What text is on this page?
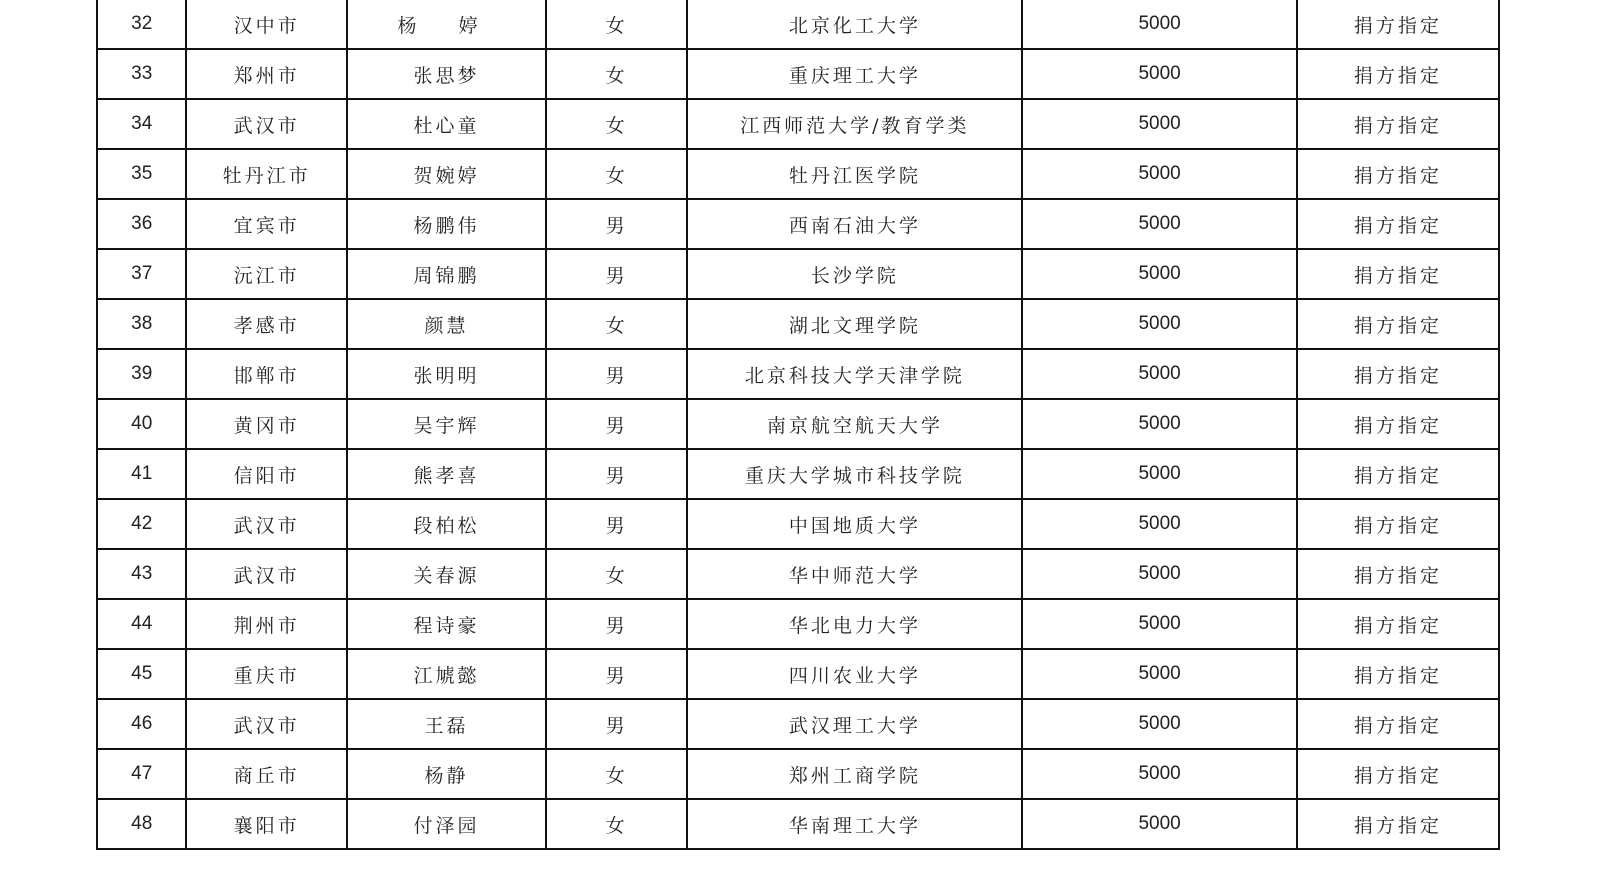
32	汉中市	杨 婷	女	北京化工大学	5000	捐方指定
33	郑州市	张思梦	女	重庆理工大学	5000	捐方指定
34	武汉市	杜心童	女	江西师范大学/教育学类	5000	捐方指定
35	牡丹江市	贺婉婷	女	牡丹江医学院	5000	捐方指定
36	宜宾市	杨鹏伟	男	西南石油大学	5000	捐方指定
37	沅江市	周锦鹏	男	长沙学院	5000	捐方指定
38	孝感市	颜慧	女	湖北文理学院	5000	捐方指定
39	邯郸市	张明明	男	北京科技大学天津学院	5000	捐方指定
40	黄冈市	吴宇辉	男	南京航空航天大学	5000	捐方指定
41	信阳市	熊孝喜	男	重庆大学城市科技学院	5000	捐方指定
42	武汉市	段柏松	男	中国地质大学	5000	捐方指定
43	武汉市	关春源	女	华中师范大学	5000	捐方指定
44	荆州市	程诗豪	男	华北电力大学	5000	捐方指定
45	重庆市	江虓懿	男	四川农业大学	5000	捐方指定
46	武汉市	王磊	男	武汉理工大学	5000	捐方指定
47	商丘市	杨静	女	郑州工商学院	5000	捐方指定
48	襄阳市	付泽园	女	华南理工大学	5000	捐方指定
